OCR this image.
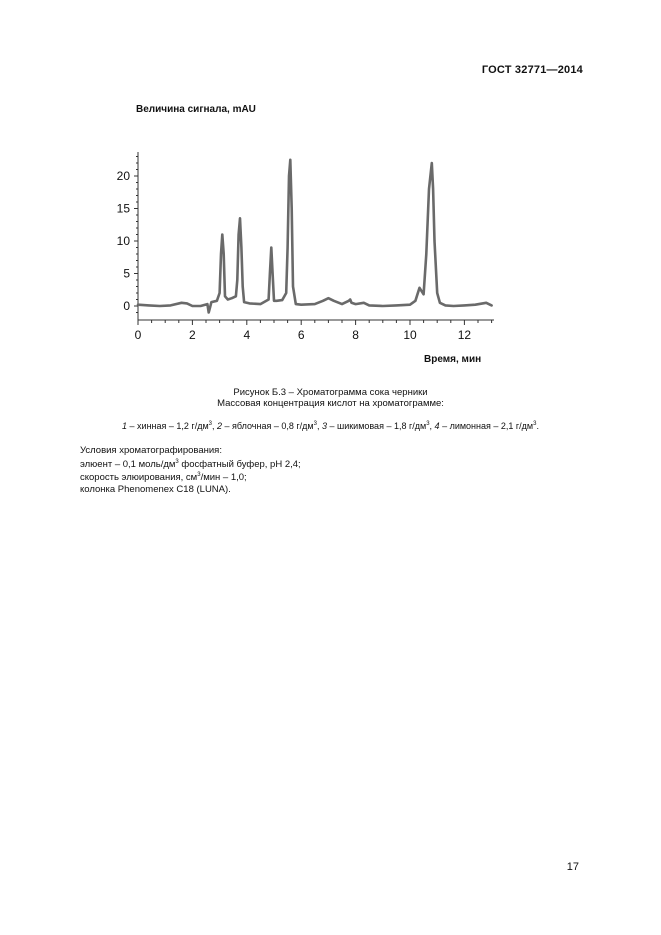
ГОСТ 32771—2014
Величина сигнала, mAU
0
5
10
15
20
0	2	4	6	8	10	12
Время, мин
Рисунок Б.3 – Хроматограмма сока черники
Массовая концентрация кислот на хроматограмме:
1 – хинная – 1,2 $г/дм^3$, 2 – яблочная – 0,8 $г/дм^3$, 3 – шикимовая – 1,8 $г/дм^3$, 4 – лимонная – 2,1 $г/дм^3$.
Условия хроматографирования:
элюент – 0,1 моль/$дм^3$ фосфатный буфер, рН 2,4;
скорость элюирования, $см^3$/мин – 1,0;
колонка Phenomenex C18 (LUNA).
17
